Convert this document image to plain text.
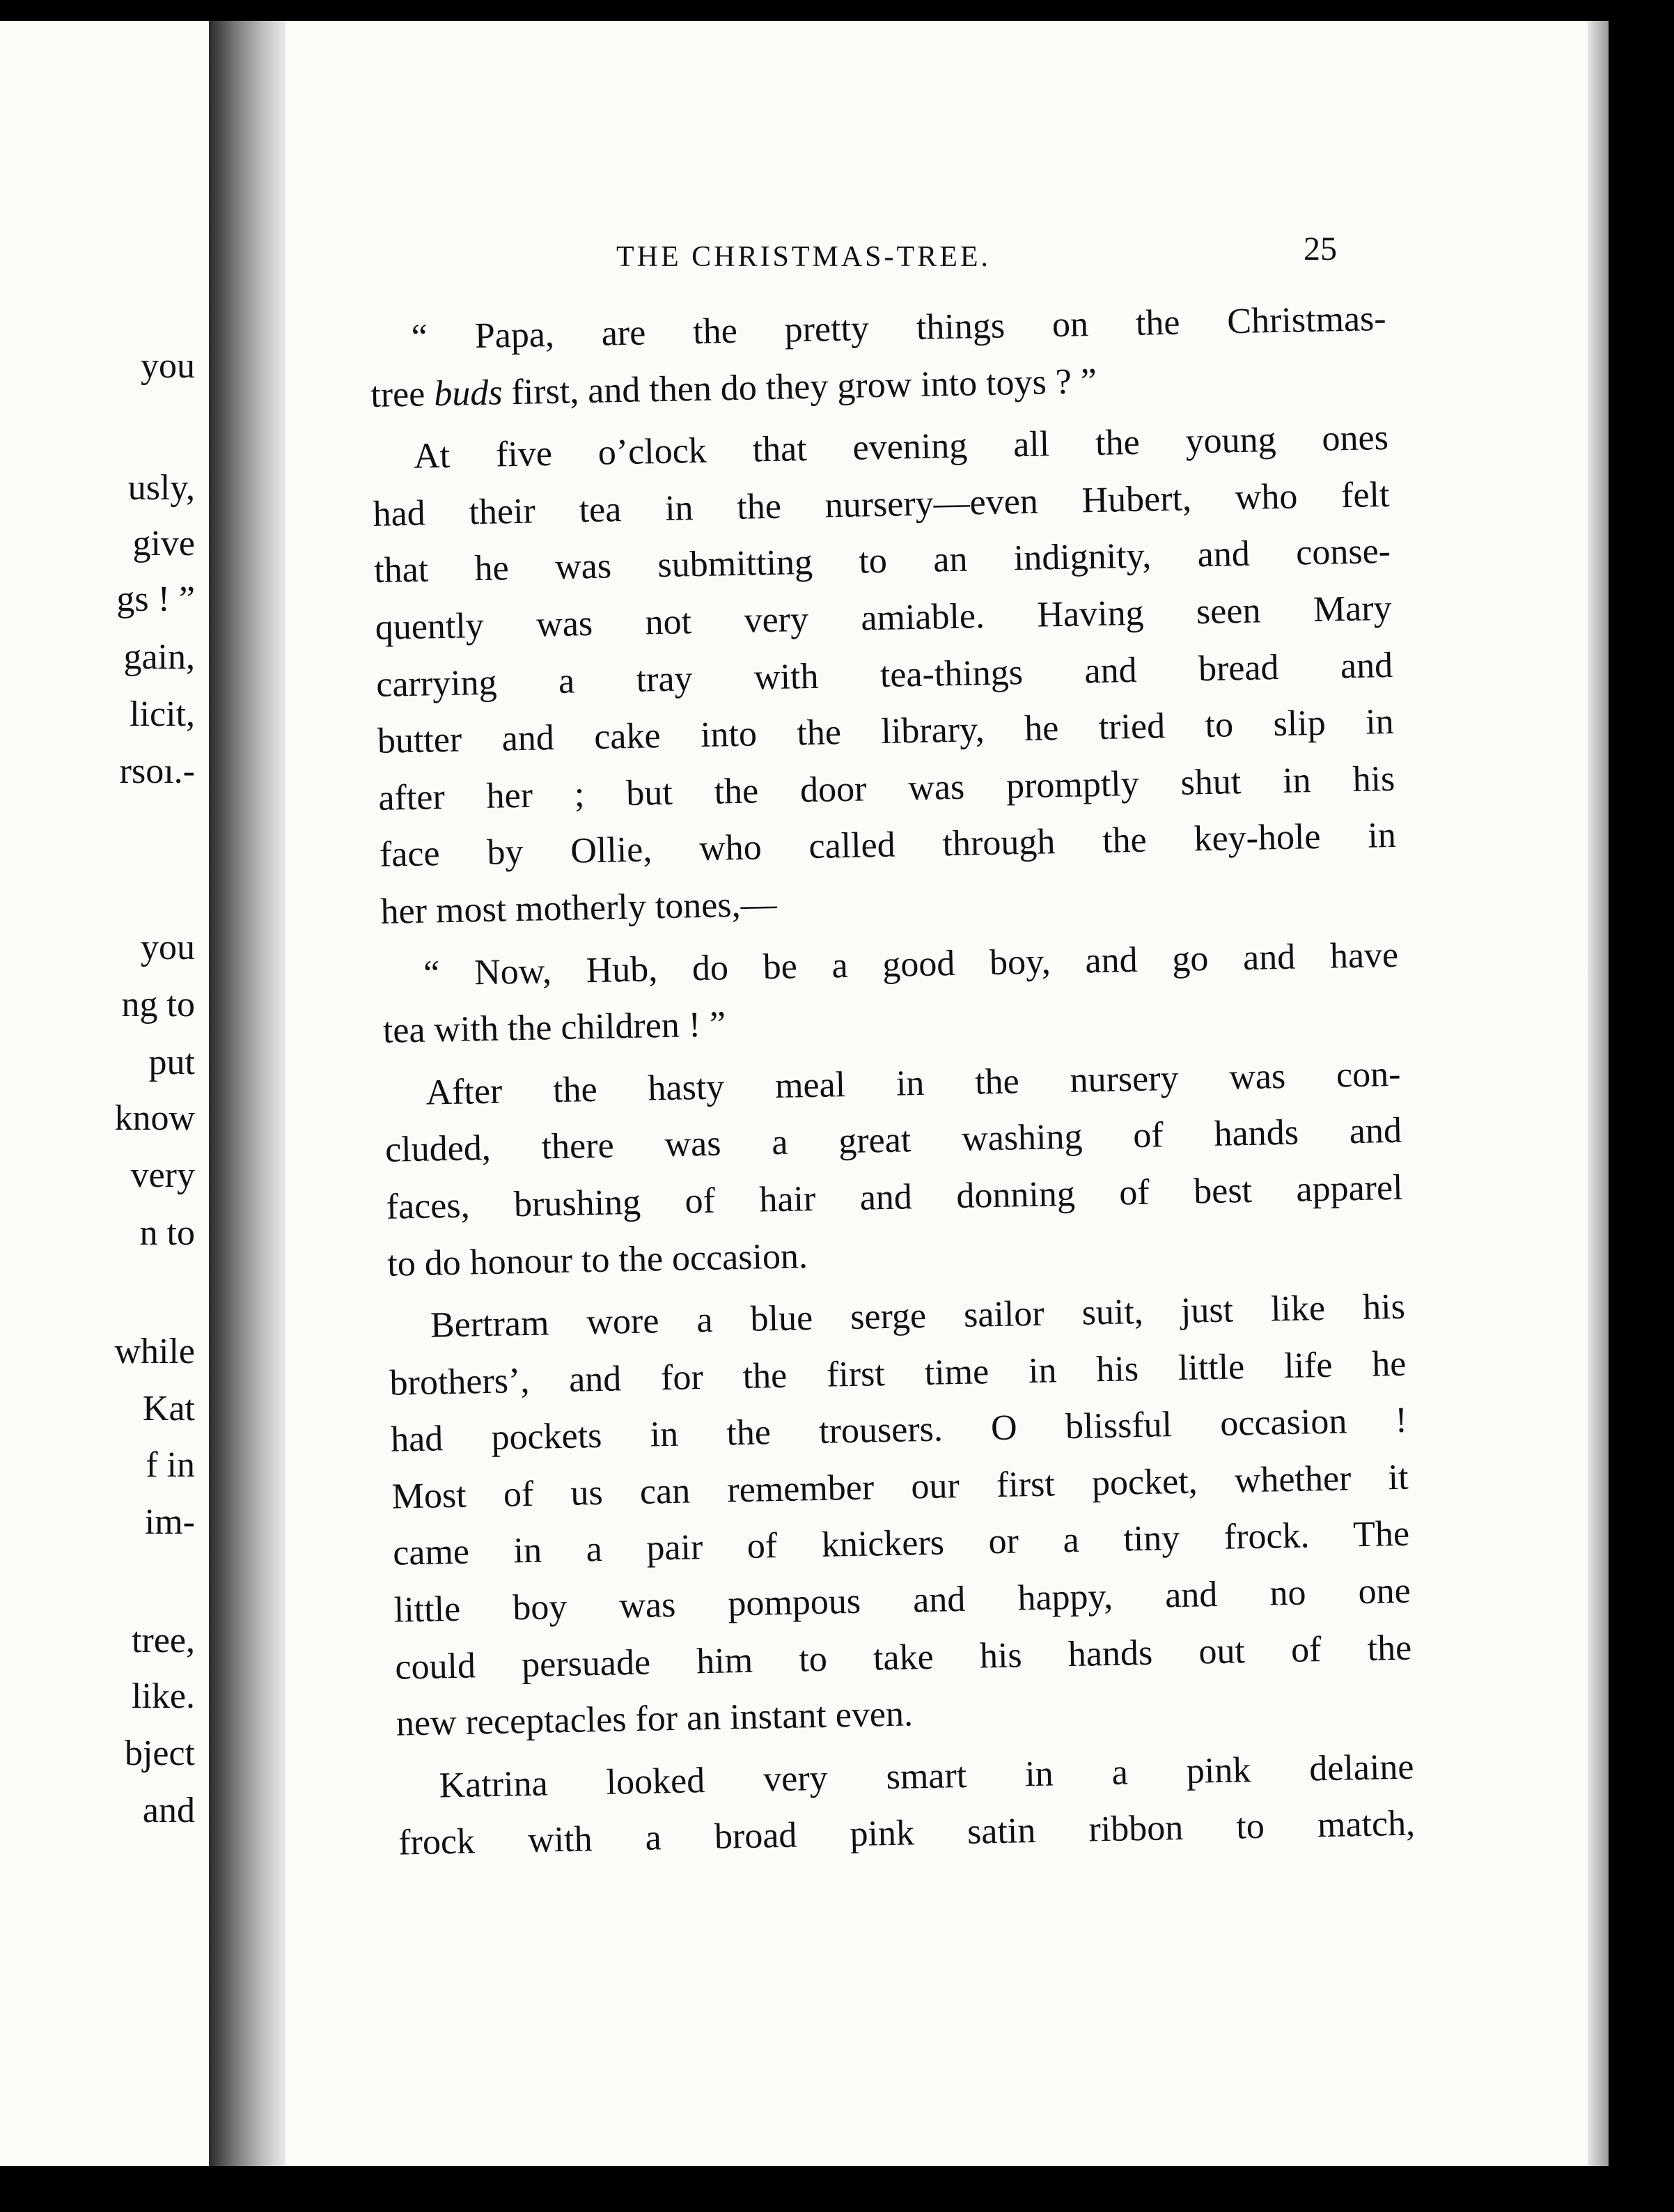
you
usly,
give
gs ! ”
gain,
licit,
rsoı.-
you
ng to
put
know
very
n to
while
Kat
f in
im-
tree,
like.
bject
and
THE CHRISTMAS-TREE.	25
“ Papa, are the pretty things on the Christmas-
tree buds first, and then do they grow into toys ? ”
At five o’clock that evening all the young ones
had their tea in the nursery—even Hubert, who felt
that he was submitting to an indignity, and conse-
quently was not very amiable. Having seen Mary
carrying a tray with tea-things and bread and
butter and cake into the library, he tried to slip in
after her ; but the door was promptly shut in his
face by Ollie, who called through the key-hole in
her most motherly tones,—
“ Now, Hub, do be a good boy, and go and have
tea with the children ! ”
After the hasty meal in the nursery was con-
cluded, there was a great washing of hands and
faces, brushing of hair and donning of best apparel
to do honour to the occasion.
Bertram wore a blue serge sailor suit, just like his
brothers’, and for the first time in his little life he
had pockets in the trousers. O blissful occasion !
Most of us can remember our first pocket, whether it
came in a pair of knickers or a tiny frock. The
little boy was pompous and happy, and no one
could persuade him to take his hands out of the
new receptacles for an instant even.
Katrina looked very smart in a pink delaine
frock with a broad pink satin ribbon to match,
